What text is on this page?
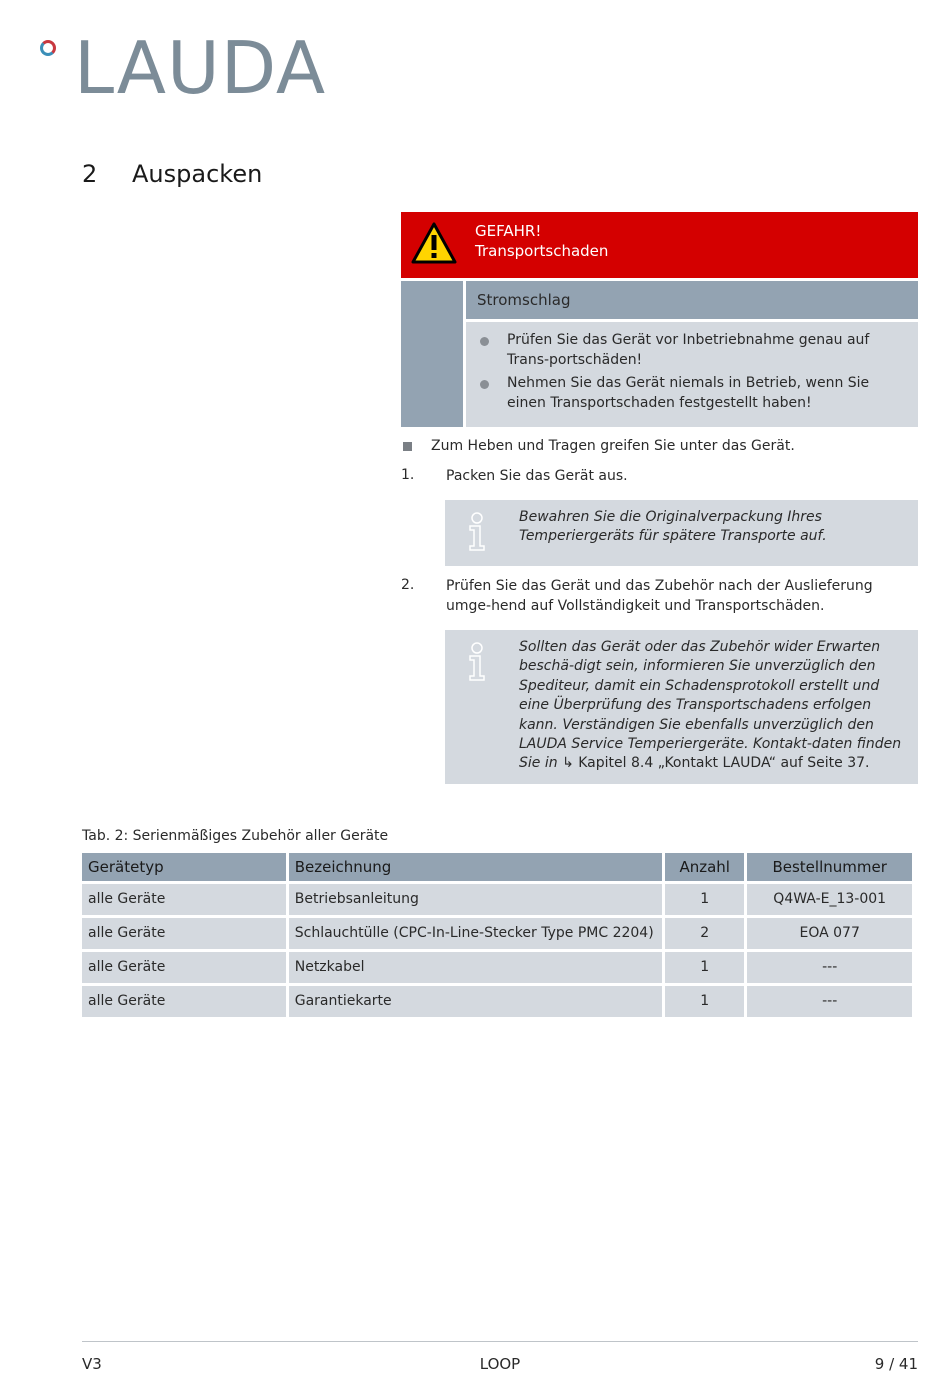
LAUDA
2 Auspacken
GEFAHR!
Transportschaden
Stromschlag
Prüfen Sie das Gerät vor Inbetriebnahme genau auf Trans-portschäden!
Nehmen Sie das Gerät niemals in Betrieb, wenn Sie einen Transportschaden festgestellt haben!
Zum Heben und Tragen greifen Sie unter das Gerät.
1. Packen Sie das Gerät aus.
Bewahren Sie die Originalverpackung Ihres Temperiergeräts für spätere Transporte auf.
2. Prüfen Sie das Gerät und das Zubehör nach der Auslieferung umge-hend auf Vollständigkeit und Transportschäden.
Sollten das Gerät oder das Zubehör wider Erwarten beschä-digt sein, informieren Sie unverzüglich den Spediteur, damit ein Schadensprotokoll erstellt und eine Überprüfung des Transportschadens erfolgen kann. Verständigen Sie ebenfalls unverzüglich den LAUDA Service Temperiergeräte. Kontakt-daten finden Sie in ↳ Kapitel 8.4 „Kontakt LAUDA“ auf Seite 37.
Tab. 2: Serienmäßiges Zubehör aller Geräte
Gerätetyp	Bezeichnung	Anzahl	Bestellnummer
alle Geräte	Betriebsanleitung	1	Q4WA-E_13-001
alle Geräte	Schlauchtülle (CPC-In-Line-Stecker Type PMC 2204)	2	EOA 077
alle Geräte	Netzkabel	1	---
alle Geräte	Garantiekarte	1	---
V3	LOOP	9 / 41
